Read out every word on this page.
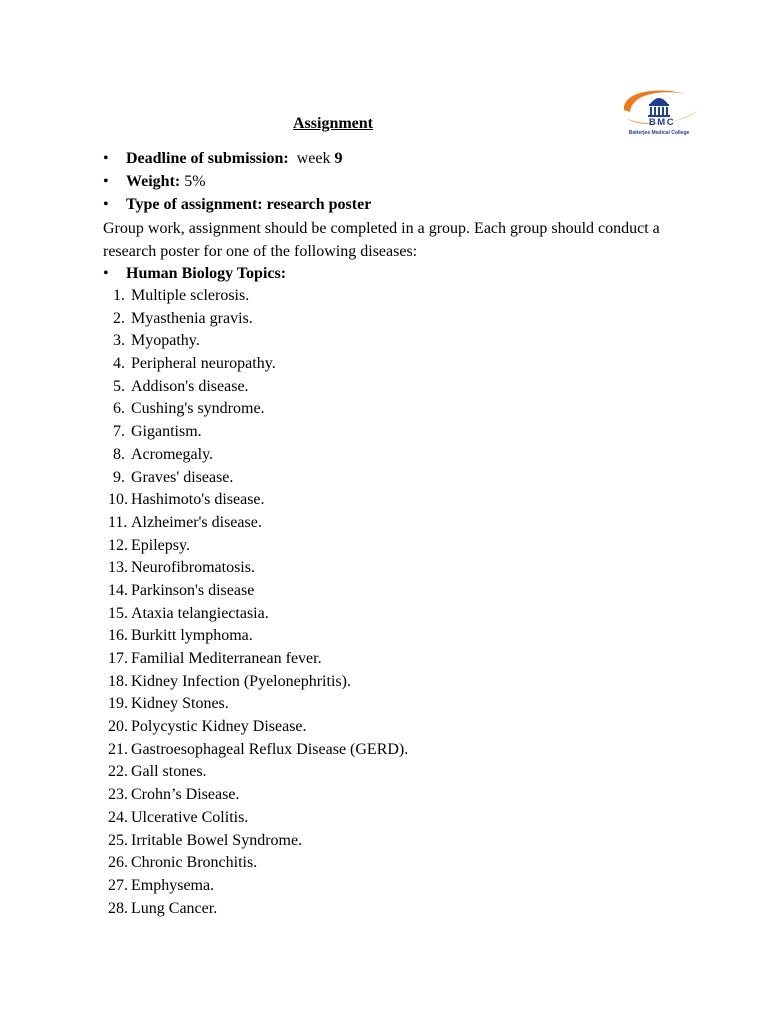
BMC
Batterjee Medical College
Assignment
• Deadline of submission: week 9
• Weight: 5%
• Type of assignment: research poster
Group work, assignment should be completed in a group. Each group should conduct a research poster for one of the following diseases:
• Human Biology Topics:
1. Multiple sclerosis.
2. Myasthenia gravis.
3. Myopathy.
4. Peripheral neuropathy.
5. Addison's disease.
6. Cushing's syndrome.
7. Gigantism.
8. Acromegaly.
9. Graves' disease.
10. Hashimoto's disease.
11. Alzheimer's disease.
12. Epilepsy.
13. Neurofibromatosis.
14. Parkinson's disease
15. Ataxia telangiectasia.
16. Burkitt lymphoma.
17. Familial Mediterranean fever.
18. Kidney Infection (Pyelonephritis).
19. Kidney Stones.
20. Polycystic Kidney Disease.
21. Gastroesophageal Reflux Disease (GERD).
22. Gall stones.
23. Crohn’s Disease.
24. Ulcerative Colitis.
25. Irritable Bowel Syndrome.
26. Chronic Bronchitis.
27. Emphysema.
28. Lung Cancer.
